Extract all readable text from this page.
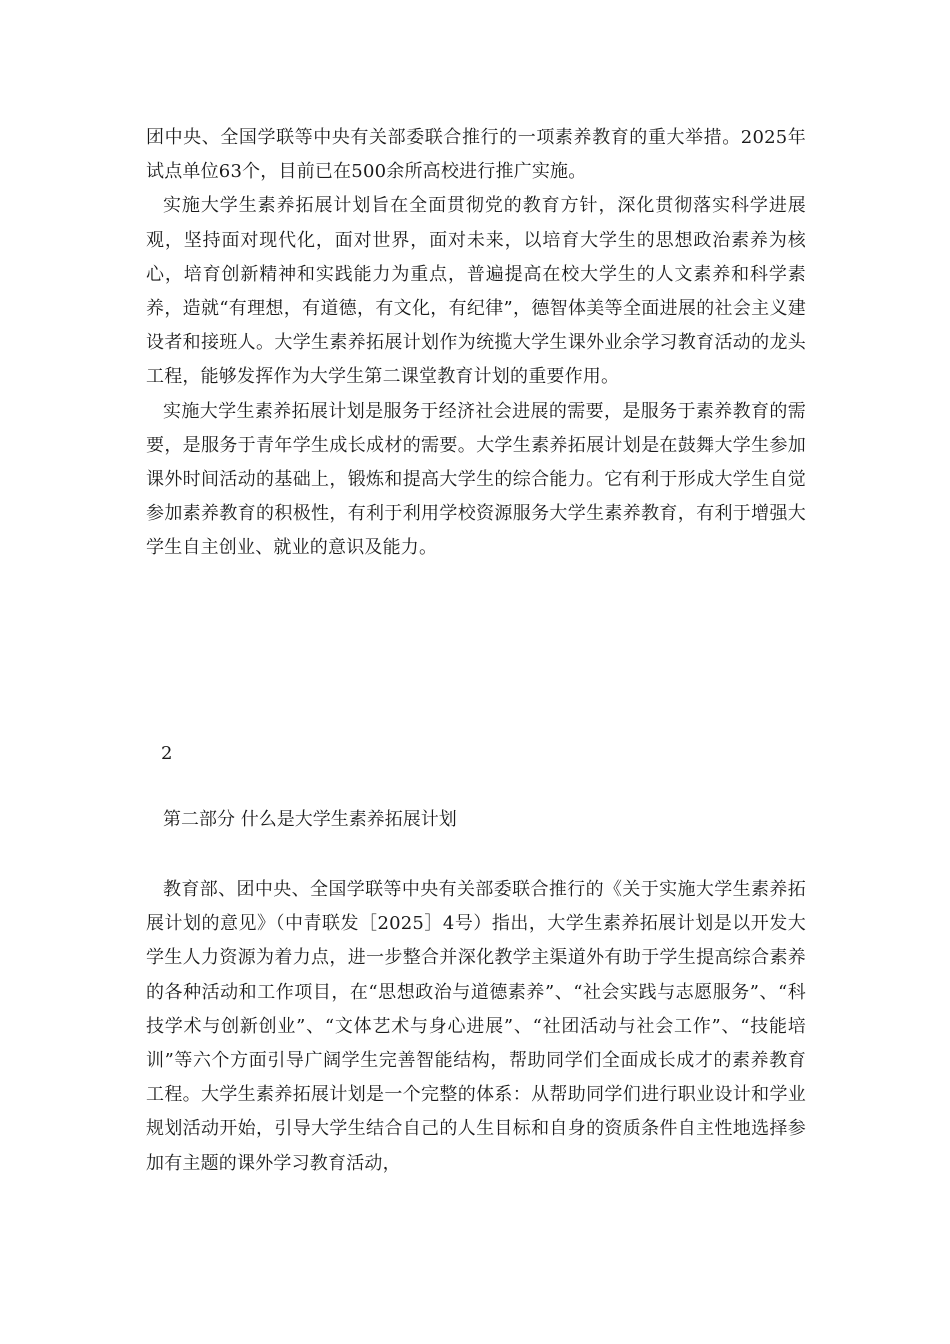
团中央、全国学联等中央有关部委联合推行的一项素养教育的重大举措。2025年试点单位63个，目前已在500余所高校进行推广实施。

实施大学生素养拓展计划旨在全面贯彻党的教育方针，深化贯彻落实科学进展观，坚持面对现代化，面对世界，面对未来，以培育大学生的思想政治素养为核心，培育创新精神和实践能力为重点，普遍提高在校大学生的人文素养和科学素养，造就“有理想，有道德，有文化，有纪律”，德智体美等全面进展的社会主义建设者和接班人。大学生素养拓展计划作为统揽大学生课外业余学习教育活动的龙头工程，能够发挥作为大学生第二课堂教育计划的重要作用。

实施大学生素养拓展计划是服务于经济社会进展的需要，是服务于素养教育的需要，是服务于青年学生成长成材的需要。大学生素养拓展计划是在鼓舞大学生参加课外时间活动的基础上，锻炼和提高大学生的综合能力。它有利于形成大学生自觉参加素养教育的积极性，有利于利用学校资源服务大学生素养教育，有利于增强大学生自主创业、就业的意识及能力。

2
第二部分 什么是大学生素养拓展计划

教育部、团中央、全国学联等中央有关部委联合推行的《关于实施大学生素养拓展计划的意见》（中青联发［2025］4号）指出，大学生素养拓展计划是以开发大学生人力资源为着力点，进一步整合并深化教学主渠道外有助于学生提高综合素养的各种活动和工作项目，在“思想政治与道德素养”、“社会实践与志愿服务”、“科技学术与创新创业”、“文体艺术与身心进展”、“社团活动与社会工作”、“技能培训”等六个方面引导广阔学生完善智能结构，帮助同学们全面成长成才的素养教育工程。大学生素养拓展计划是一个完整的体系：从帮助同学们进行职业设计和学业规划活动开始，引导大学生结合自己的人生目标和自身的资质条件自主性地选择参加有主题的课外学习教育活动，
